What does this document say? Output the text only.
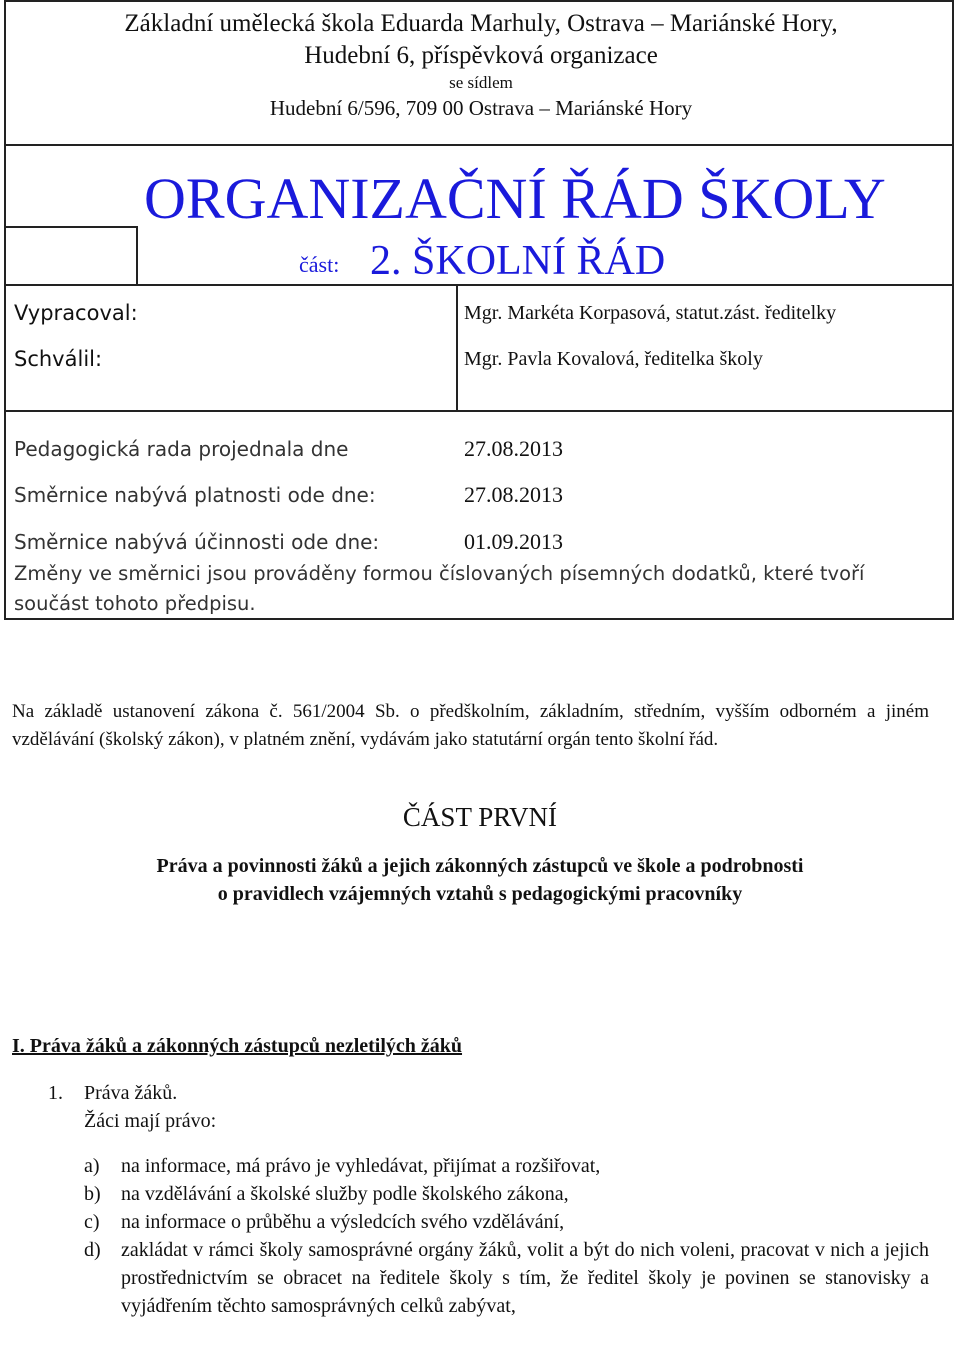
Základní umělecká škola Eduarda Marhuly, Ostrava – Mariánské Hory,
Hudební 6, příspěvková organizace
se sídlem
Hudební 6/596, 709 00 Ostrava – Mariánské Hory
ORGANIZAČNÍ ŘÁD ŠKOLY
část: 2. ŠKOLNÍ ŘÁD
Vypracoval:	Mgr. Markéta Korpasová, statut.zást. ředitelky
Schválil:	Mgr. Pavla Kovalová, ředitelka školy
Pedagogická rada projednala dne	27.08.2013
Směrnice nabývá platnosti ode dne:	27.08.2013
Směrnice nabývá účinnosti ode dne:	01.09.2013
Změny ve směrnici jsou prováděny formou číslovaných písemných dodatků, které tvoří součást tohoto předpisu.
Na základě ustanovení zákona č. 561/2004 Sb. o předškolním, základním, středním, vyšším odborném a jiném vzdělávání (školský zákon), v platném znění, vydávám jako statutární orgán tento školní řád.
ČÁST PRVNÍ
Práva a povinnosti žáků a jejich zákonných zástupců ve škole a podrobnosti
o pravidlech vzájemných vztahů s pedagogickými pracovníky
I. Práva žáků a zákonných zástupců nezletilých žáků
1. Práva žáků.
Žáci mají právo:
a) na informace, má právo je vyhledávat, přijímat a rozšiřovat,
b) na vzdělávání a školské služby podle školského zákona,
c) na informace o průběhu a výsledcích svého vzdělávání,
d) zakládat v rámci školy samosprávné orgány žáků, volit a být do nich voleni, pracovat v nich a jejich prostřednictvím se obracet na ředitele školy s tím, že ředitel školy je povinen se stanovisky a vyjádřením těchto samosprávných celků zabývat,
